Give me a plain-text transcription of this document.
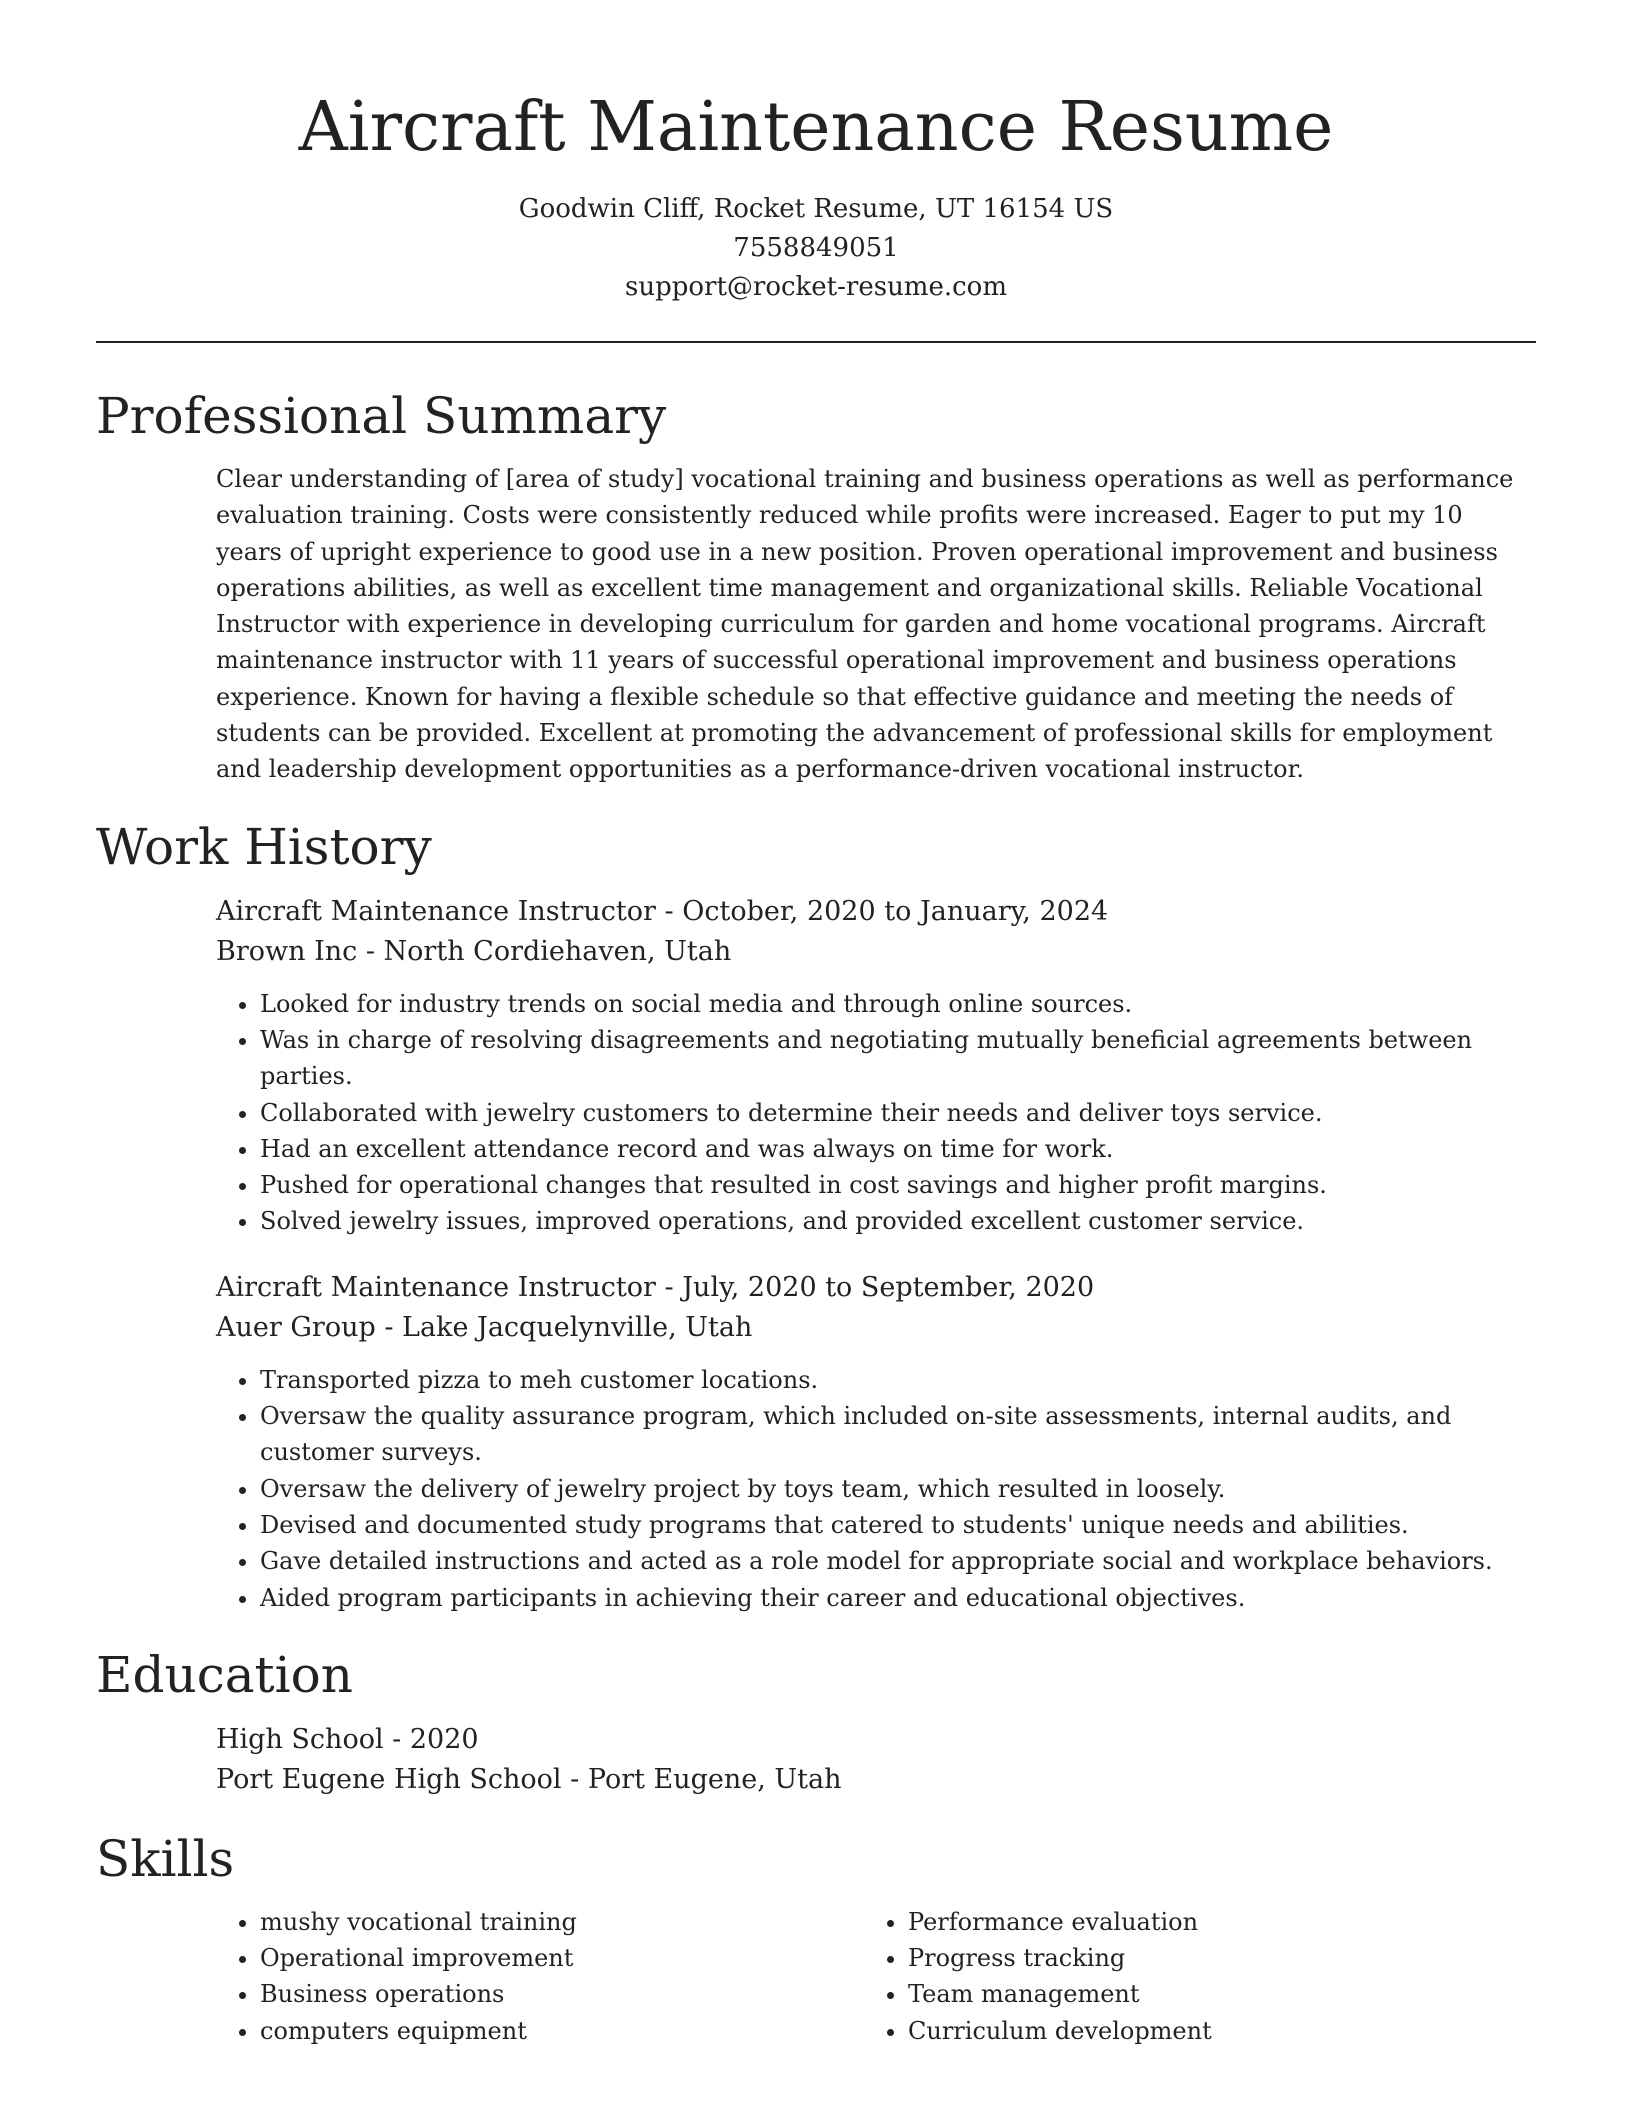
Aircraft Maintenance Resume

Goodwin Cliff, Rocket Resume, UT 16154 US

7558849051

support@rocket-resume.com

Professional Summary

Clear understanding of [area of study] vocational training and business operations as well as performance evaluation training. Costs were consistently reduced while profits were increased. Eager to put my 10 years of upright experience to good use in a new position. Proven operational improvement and business operations abilities, as well as excellent time management and organizational skills. Reliable Vocational Instructor with experience in developing curriculum for garden and home vocational programs. Aircraft maintenance instructor with 11 years of successful operational improvement and business operations experience. Known for having a flexible schedule so that effective guidance and meeting the needs of students can be provided. Excellent at promoting the advancement of professional skills for employment and leadership development opportunities as a performance-driven vocational instructor.

Work History

Aircraft Maintenance Instructor - October, 2020 to January, 2024

Brown Inc - North Cordiehaven, Utah

• Looked for industry trends on social media and through online sources.
• Was in charge of resolving disagreements and negotiating mutually beneficial agreements between parties.
• Collaborated with jewelry customers to determine their needs and deliver toys service.
• Had an excellent attendance record and was always on time for work.
• Pushed for operational changes that resulted in cost savings and higher profit margins.
• Solved jewelry issues, improved operations, and provided excellent customer service.

Aircraft Maintenance Instructor - July, 2020 to September, 2020

Auer Group - Lake Jacquelynville, Utah

• Transported pizza to meh customer locations.
• Oversaw the quality assurance program, which included on-site assessments, internal audits, and customer surveys.
• Oversaw the delivery of jewelry project by toys team, which resulted in loosely.
• Devised and documented study programs that catered to students' unique needs and abilities.
• Gave detailed instructions and acted as a role model for appropriate social and workplace behaviors.
• Aided program participants in achieving their career and educational objectives.
Education

High School - 2020

Port Eugene High School - Port Eugene, Utah

Skills
• mushy vocational training
• Operational improvement
• Business operations
• computers equipment
• Performance evaluation
• Progress tracking
• Team management
• Curriculum development
